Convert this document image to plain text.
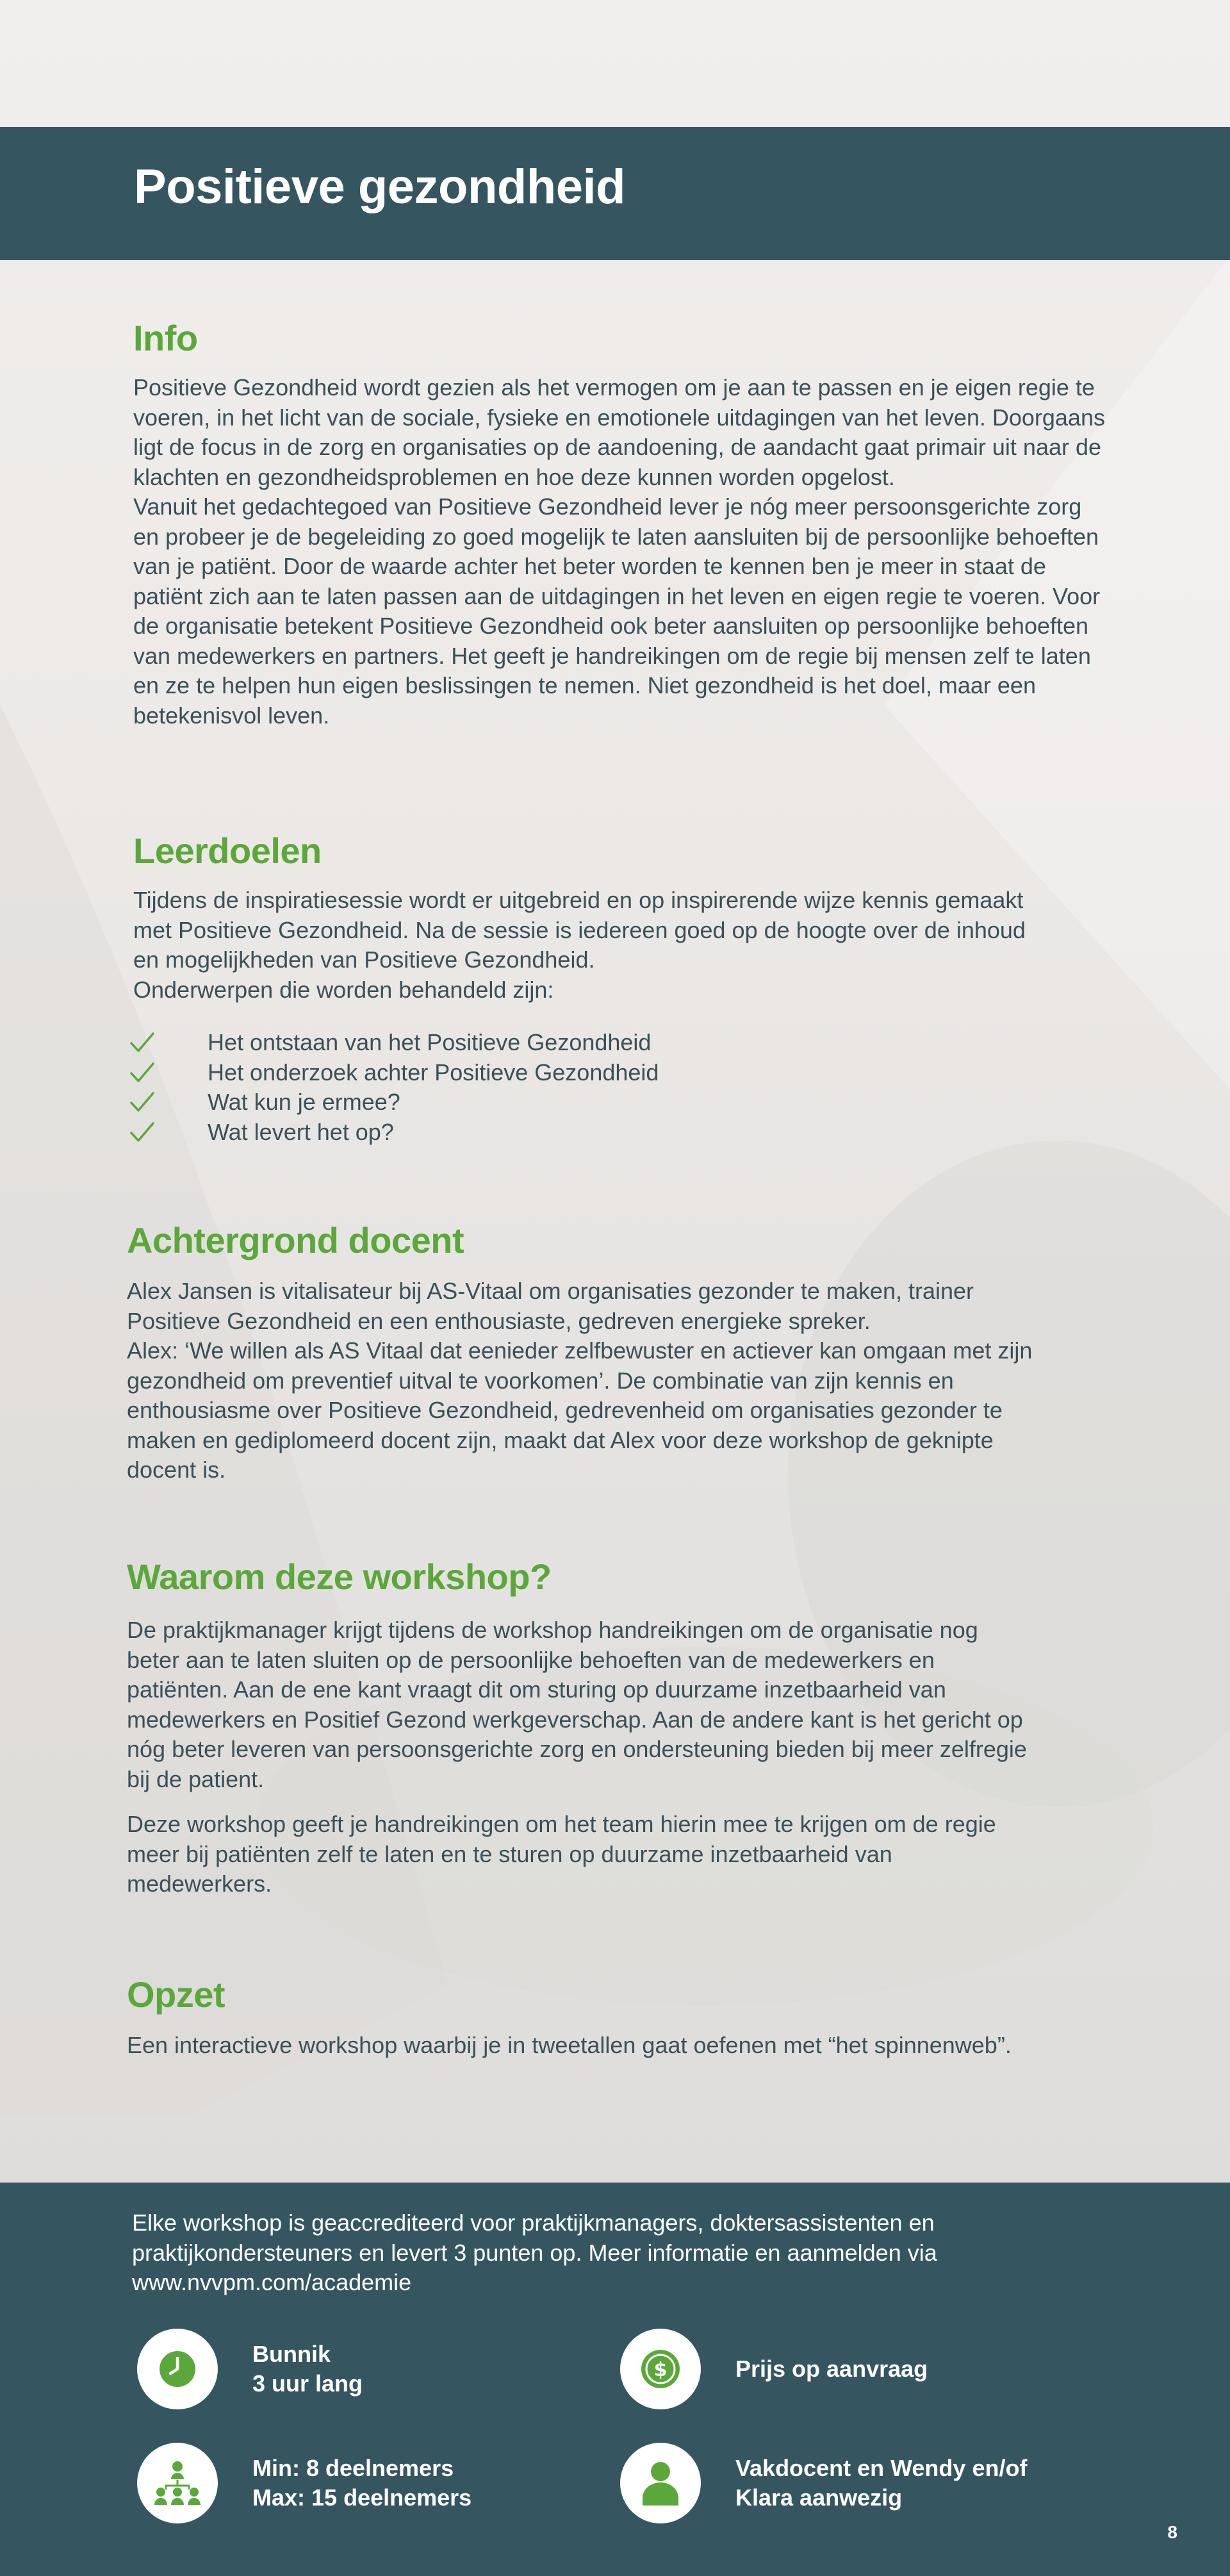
Positieve gezondheid
Info

Positieve Gezondheid wordt gezien als het vermogen om je aan te passen en je eigen regie te voeren, in het licht van de sociale, fysieke en emotionele uitdagingen van het leven. Doorgaans ligt de focus in de zorg en organisaties op de aandoening, de aandacht gaat primair uit naar de klachten en gezondheidsproblemen en hoe deze kunnen worden opgelost.

Vanuit het gedachtegoed van Positieve Gezondheid lever je nóg meer persoonsgerichte zorg en probeer je de begeleiding zo goed mogelijk te laten aansluiten bij de persoonlijke behoeften van je patiënt. Door de waarde achter het beter worden te kennen ben je meer in staat de patiënt zich aan te laten passen aan de uitdagingen in het leven en eigen regie te voeren. Voor de organisatie betekent Positieve Gezondheid ook beter aansluiten op persoonlijke behoeften van medewerkers en partners. Het geeft je handreikingen om de regie bij mensen zelf te laten en ze te helpen hun eigen beslissingen te nemen. Niet gezondheid is het doel, maar een betekenisvol leven.

Leerdoelen

Tijdens de inspiratiesessie wordt er uitgebreid en op inspirerende wijze kennis gemaakt met Positieve Gezondheid. Na de sessie is iedereen goed op de hoogte over de inhoud en mogelijkheden van Positieve Gezondheid.

Onderwerpen die worden behandeld zijn:

Het ontstaan van het Positieve Gezondheid
Het onderzoek achter Positieve Gezondheid
Wat kun je ermee?
Wat levert het op?
Achtergrond docent

Alex Jansen is vitalisateur bij AS-Vitaal om organisaties gezonder te maken, trainer Positieve Gezondheid en een enthousiaste, gedreven energieke spreker.

Alex: ‘We willen als AS Vitaal dat eenieder zelfbewuster en actiever kan omgaan met zijn gezondheid om preventief uitval te voorkomen’. De combinatie van zijn kennis en enthousiasme over Positieve Gezondheid, gedrevenheid om organisaties gezonder te maken en gediplomeerd docent zijn, maakt dat Alex voor deze workshop de geknipte docent is.

Waarom deze workshop?

De praktijkmanager krijgt tijdens de workshop handreikingen om de organisatie nog beter aan te laten sluiten op de persoonlijke behoeften van de medewerkers en patiënten. Aan de ene kant vraagt dit om sturing op duurzame inzetbaarheid van medewerkers en Positief Gezond werkgeverschap. Aan de andere kant is het gericht op nóg beter leveren van persoonsgerichte zorg en ondersteuning bieden bij meer zelfregie bij de patient.

Deze workshop geeft je handreikingen om het team hierin mee te krijgen om de regie meer bij patiënten zelf te laten en te sturen op duurzame inzetbaarheid van medewerkers.

Opzet

Een interactieve workshop waarbij je in tweetallen gaat oefenen met “het spinnenweb”.

Elke workshop is geaccrediteerd voor praktijkmanagers, doktersassistenten en praktijkondersteuners en levert 3 punten op. Meer informatie en aanmelden via www.nvvpm.com/academie

Bunnik
3 uur lang
$	Prijs op aanvraag
Min: 8 deelnemers
Max: 15 deelnemers
Vakdocent en Wendy en/of
Klara aanwezig
8
